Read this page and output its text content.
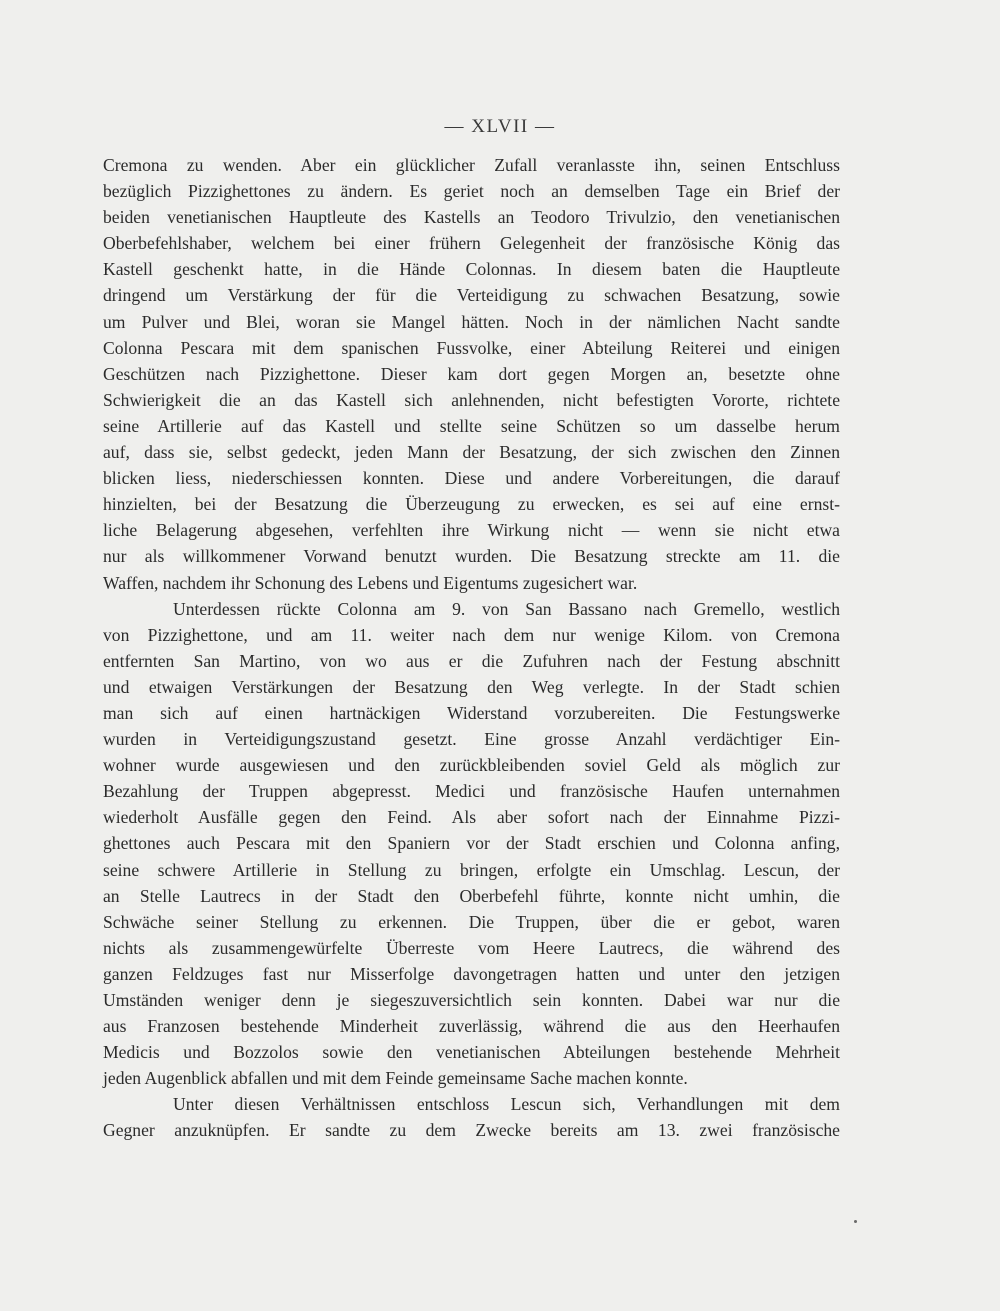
— XLVII —
Cremona zu wenden. Aber ein glücklicher Zufall veranlasste ihn, seinen Entschluss
bezüglich Pizzighettones zu ändern. Es geriet noch an demselben Tage ein Brief der
beiden venetianischen Hauptleute des Kastells an Teodoro Trivulzio, den venetianischen
Oberbefehlshaber, welchem bei einer frühern Gelegenheit der französische König das
Kastell geschenkt hatte, in die Hände Colonnas. In diesem baten die Hauptleute
dringend um Verstärkung der für die Verteidigung zu schwachen Besatzung, sowie
um Pulver und Blei, woran sie Mangel hätten. Noch in der nämlichen Nacht sandte
Colonna Pescara mit dem spanischen Fussvolke, einer Abteilung Reiterei und einigen
Geschützen nach Pizzighettone. Dieser kam dort gegen Morgen an, besetzte ohne
Schwierigkeit die an das Kastell sich anlehnenden, nicht befestigten Vororte, richtete
seine Artillerie auf das Kastell und stellte seine Schützen so um dasselbe herum
auf, dass sie, selbst gedeckt, jeden Mann der Besatzung, der sich zwischen den Zinnen
blicken liess, niederschiessen konnten. Diese und andere Vorbereitungen, die darauf
hinzielten, bei der Besatzung die Überzeugung zu erwecken, es sei auf eine ernst-
liche Belagerung abgesehen, verfehlten ihre Wirkung nicht — wenn sie nicht etwa
nur als willkommener Vorwand benutzt wurden. Die Besatzung streckte am 11. die
Waffen, nachdem ihr Schonung des Lebens und Eigentums zugesichert war.
Unterdessen rückte Colonna am 9. von San Bassano nach Gremello, westlich
von Pizzighettone, und am 11. weiter nach dem nur wenige Kilom. von Cremona
entfernten San Martino, von wo aus er die Zufuhren nach der Festung abschnitt
und etwaigen Verstärkungen der Besatzung den Weg verlegte. In der Stadt schien
man sich auf einen hartnäckigen Widerstand vorzubereiten. Die Festungswerke
wurden in Verteidigungszustand gesetzt. Eine grosse Anzahl verdächtiger Ein-
wohner wurde ausgewiesen und den zurückbleibenden soviel Geld als möglich zur
Bezahlung der Truppen abgepresst. Medici und französische Haufen unternahmen
wiederholt Ausfälle gegen den Feind. Als aber sofort nach der Einnahme Pizzi-
ghettones auch Pescara mit den Spaniern vor der Stadt erschien und Colonna anfing,
seine schwere Artillerie in Stellung zu bringen, erfolgte ein Umschlag. Lescun, der
an Stelle Lautrecs in der Stadt den Oberbefehl führte, konnte nicht umhin, die
Schwäche seiner Stellung zu erkennen. Die Truppen, über die er gebot, waren
nichts als zusammengewürfelte Überreste vom Heere Lautrecs, die während des
ganzen Feldzuges fast nur Misserfolge davongetragen hatten und unter den jetzigen
Umständen weniger denn je siegeszuversichtlich sein konnten. Dabei war nur die
aus Franzosen bestehende Minderheit zuverlässig, während die aus den Heerhaufen
Medicis und Bozzolos sowie den venetianischen Abteilungen bestehende Mehrheit
jeden Augenblick abfallen und mit dem Feinde gemeinsame Sache machen konnte.
Unter diesen Verhältnissen entschloss Lescun sich, Verhandlungen mit dem
Gegner anzuknüpfen. Er sandte zu dem Zwecke bereits am 13. zwei französische
